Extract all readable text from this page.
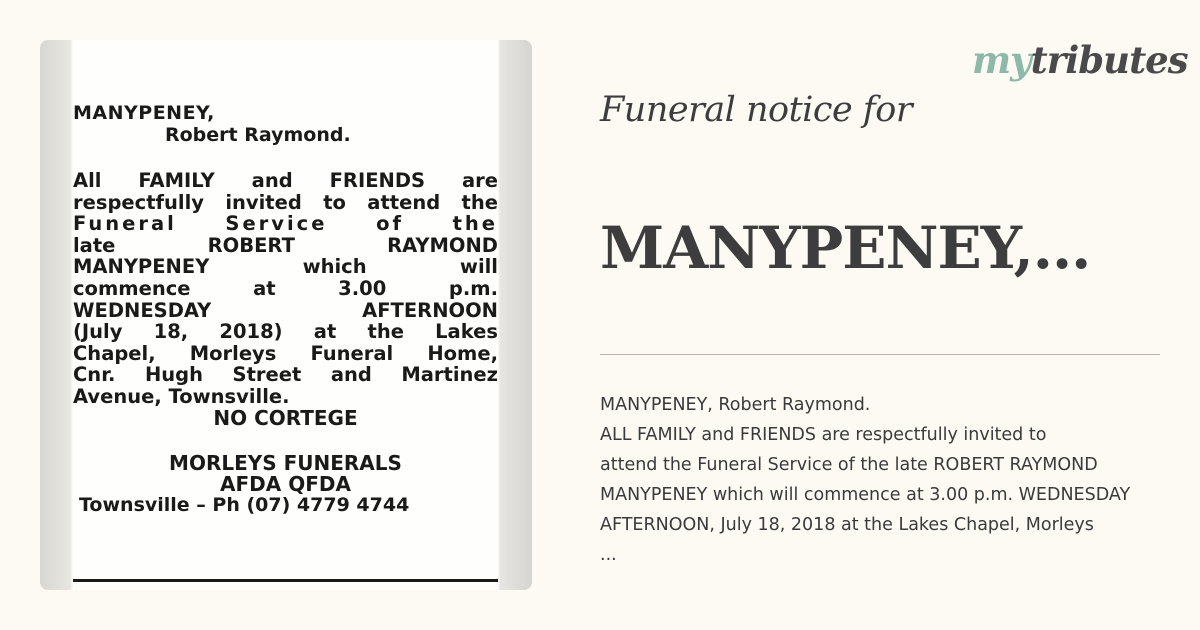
MANYPENEY,
Robert Raymond.
All FAMILY and FRIENDS are
respectfully invited to attend the
Funeral Service of the
late ROBERT RAYMOND
MANYPENEY which will
commence at 3.00 p.m.
WEDNESDAY AFTERNOON
(July 18, 2018) at the Lakes
Chapel, Morleys Funeral Home,
Cnr. Hugh Street and Martinez
Avenue, Townsville.
NO CORTEGE
MORLEYS FUNERALS
AFDA QFDA
Townsville – Ph (07) 4779 4744
mytributes
Funeral notice for
MANYPENEY,...
MANYPENEY, Robert Raymond.
ALL FAMILY and FRIENDS are respectfully invited to
attend the Funeral Service of the late ROBERT RAYMOND
MANYPENEY which will commence at 3.00 p.m. WEDNESDAY
AFTERNOON, July 18, 2018 at the Lakes Chapel, Morleys
...
